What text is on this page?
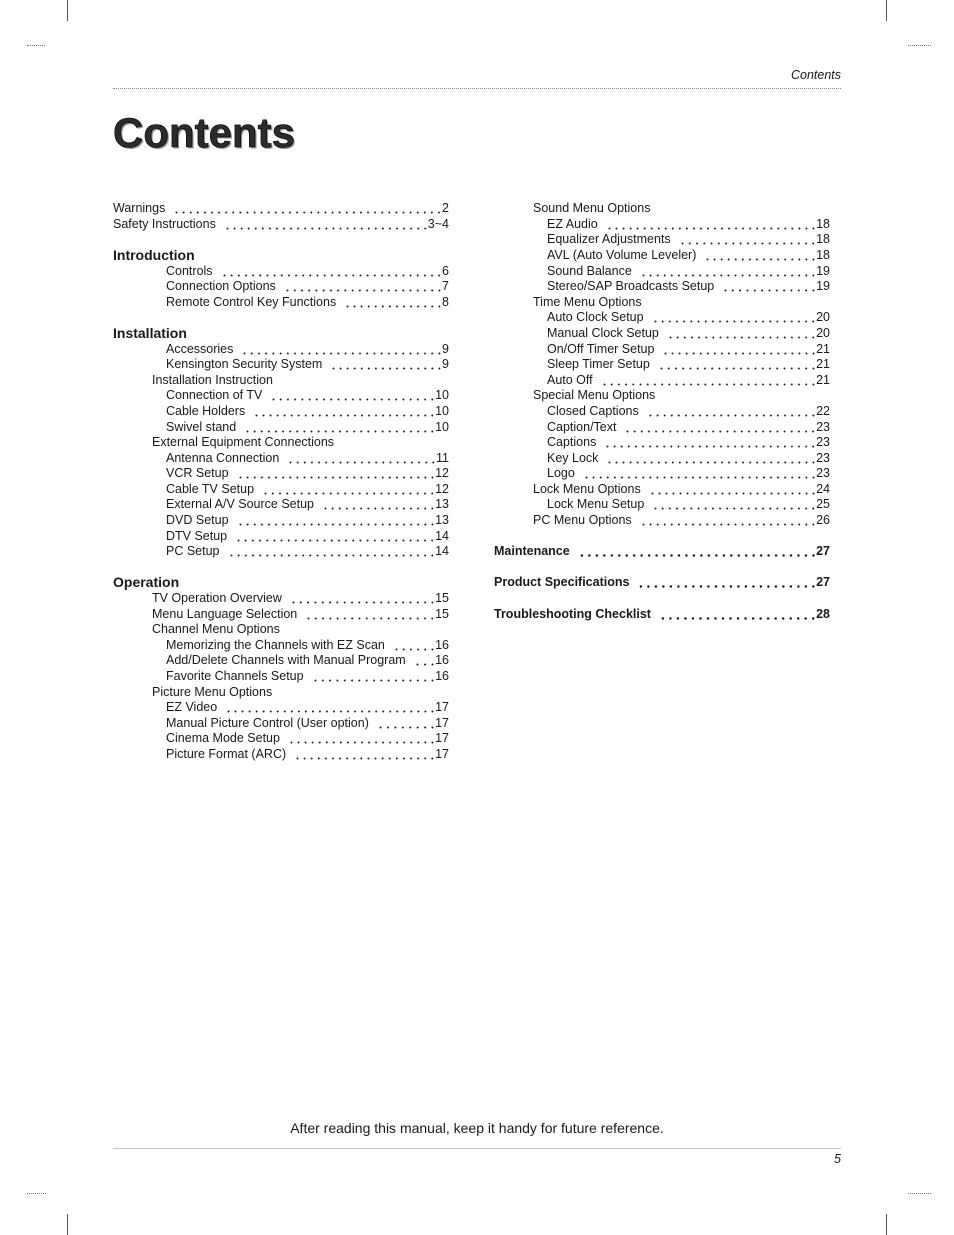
Contents
Contents
Warnings	2
Safety Instructions	3~4
Introduction
Controls	6
Connection Options	7
Remote Control Key Functions	8
Installation
Accessories	9
Kensington Security System	9
Installation Instruction
Connection of TV	10
Cable Holders	10
Swivel stand	10
External Equipment Connections
Antenna Connection	11
VCR Setup	12
Cable TV Setup	12
External A/V Source Setup	13
DVD Setup	13
DTV Setup	14
PC Setup	14
Operation
TV Operation Overview	15
Menu Language Selection	15
Channel Menu Options
Memorizing the Channels with EZ Scan	16
Add/Delete Channels with Manual Program 16
Favorite Channels Setup	16
Picture Menu Options
EZ Video	17
Manual Picture Control (User option)	17
Cinema Mode Setup	17
Picture Format (ARC)	17
Sound Menu Options
EZ Audio	18
Equalizer Adjustments	18
AVL (Auto Volume Leveler)	18
Sound Balance	19
Stereo/SAP Broadcasts Setup	19
Time Menu Options
Auto Clock Setup	20
Manual Clock Setup	20
On/Off Timer Setup	21
Sleep Timer Setup	21
Auto Off	21
Special Menu Options
Closed Captions	22
Caption/Text	23
Captions	23
Key Lock	23
Logo	23
Lock Menu Options	24
Lock Menu Setup	25
PC Menu Options	26
Maintenance	27
Product Specifications	27
Troubleshooting Checklist	28
After reading this manual, keep it handy for future reference.
5
